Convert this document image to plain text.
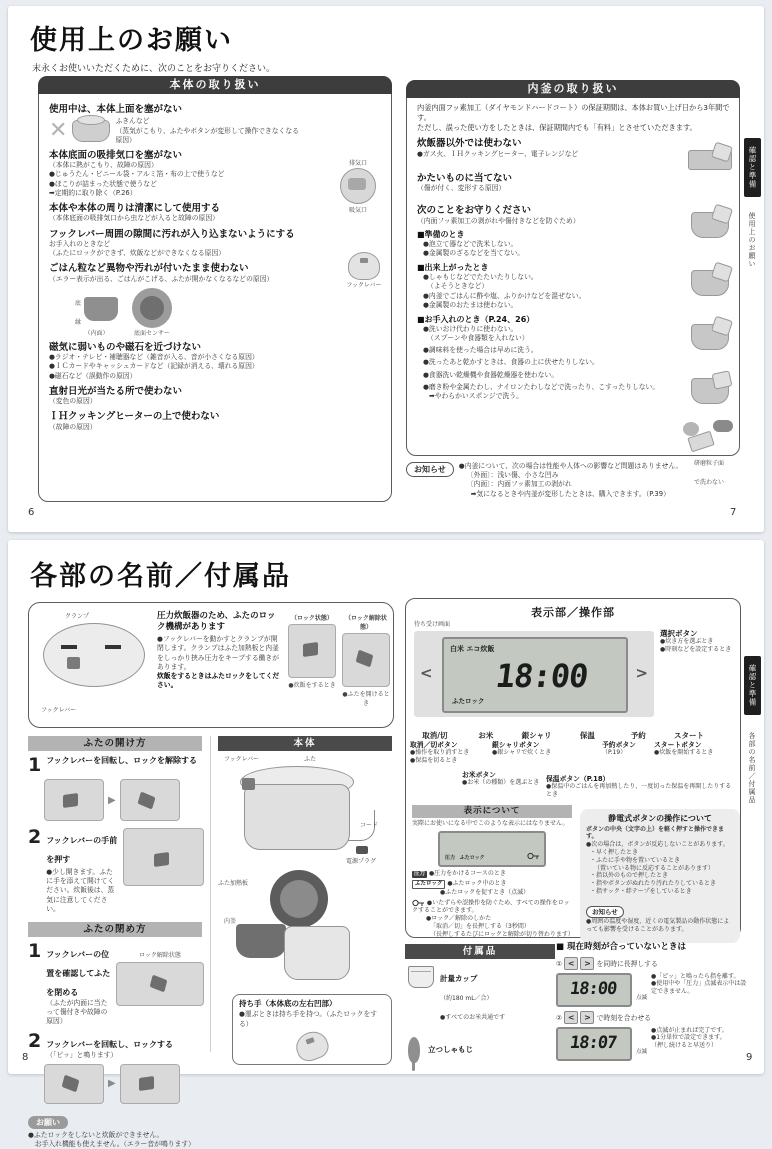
使用上のお願い
末永くお使いいただくために、次のことをお守りください。
本体の取り扱い
使用中は、本体上面を塞がない
✕	ふきんなど
（蒸気がこもり、ふたやボタンが変形して操作できなくなる原因）
本体底面の吸排気口を塞がない
（本体に熱がこもり、故障の原因）
●じゅうたん・ビニール袋・アルミ箔・布の上で使うなど
●ほこりが詰まった状態で使うなど
➡定期的に取り除く（P.26）
排気口
吸気口
本体や本体の周りは清潔にして使用する
（本体底面の吸排気口から虫などが入ると故障の原因）
フックレバー周囲の隙間に汚れが入り込まないようにする
お手入れのときなど
（ふたにロックができず、炊飯などができなくなる原因）
フックレバー
ごはん粒など異物や汚れが付いたまま使わない
（エラー表示が出る、ごはんがこげる、ふたが開かなくなるなどの原因）
底
縁
（内面）	底面センサー
磁気に弱いものや磁石を近づけない
●ラジオ・テレビ・補聴器など（雑音が入る、音が小さくなる原因）
●ＩＣカードやキャッシュカードなど（記録が消える、壊れる原因）
●磁石など（誤動作の原因）
直射日光が当たる所で使わない
（変色の原因）
ＩＨクッキングヒーターの上で使わない
（故障の原因）
6
内釜の取り扱い
内釜内面フッ素加工（ダイヤモンドハードコート）の保証期間は、本体お買い上げ日から3年間です。
ただし、誤った使い方をしたときは、保証期間内でも「有料」とさせていただきます。
炊飯器以外では使わない
●ガス火、ＩＨクッキングヒーター、電子レンジなど
かたいものに当てない
（傷が付く、変形する原因）
次のことをお守りください
（内面フッ素加工の剥がれや傷付きなどを防ぐため）
■準備のとき
●泡立て器などで洗米しない。
●金属製のざるなどを当てない。
■出来上がったとき
●しゃもじなどでたたいたりしない。
（よそうときなど）
●内釜でごはんに酢や塩、ふりかけなどを混ぜない。
●金属製のおたまは使わない。
■お手入れのとき（P.24、26）
●洗いおけ代わりに使わない。
（スプーンや食器類を入れない）
●調味料を使った場合は早めに洗う。
●洗ったあと乾かすときは、食器の上に伏せたりしない。
●食器洗い乾燥機や食器乾燥器を使わない。
●磨き粉や金属たわし、ナイロンたわしなどで洗ったり、こすったりしない。
➡やわらかいスポンジで洗う。
研磨粒子面
で洗わない
お知らせ	●内釜について、次の場合は性能や人体への影響など問題はありません。
〔外面〕：浅い傷、小さな凹み
〔内面〕：内面フッ素加工の剥がれ
➡気になるときや内釜が変形したときは、購入できます。（P.39）
7
確認と準備
使用上のお願い
各部の名前／付属品
クランプ
フックレバー
圧力炊飯器のため、ふたのロック機構があります
●フックレバーを動かすとクランプが開閉します。クランプはふた加熱板と内釜をしっかり挟み圧力をキープする働きがあります。
炊飯をするときはふたロックをしてください。
（ロック状態）
●炊飯をするとき
（ロック解除状態）
●ふたを開けるとき
ふたの開け方	本体
1 フックレバーを回転し、ロックを解除する
▶
2 フックレバーの手前を押す
●少し開きます。ふたに手を添えて開けてください。炊飯後は、蒸気に注意してください。
ふたの閉め方
1 フックレバーの位置を確認してふたを閉める
（ふたが内面に当たって傷付きや故障の原因）
ロック解除状態
2 フックレバーを回転し、ロックする
（「ピッ」と鳴ります）
▶
お願い
●ふたロックをしないと炊飯ができません。
　お手入れ機能も使えません。（エラー音が鳴ります）
8
フックレバー	ふた
コード
電源プラグ
ふた加熱板
内釜
持ち手（本体底の左右凹部）
●運ぶときは持ち手を持つ。（ふたロックをする）
表示部／操作部
待ち受け画面
<	>
白米 エコ炊飯
18:00
ふたロック
選択ボタン
●炊き方を選ぶとき
●時刻などを設定するとき
取消/切	お米	銀シャリ	保温	予約	スタート
取消／切ボタン
●操作を取り消すとき
●保温を切るとき
銀シャリボタン
●銀シャリで炊くとき
予約ボタン
（P.19）
スタートボタン
●炊飯を開始するとき
お米ボタン
●お米（の種類）を選ぶとき 保温ボタン（P.18）
●保温中のごはんを再加熱したり、一度切った保温を再開したりするとき
表示について
実際にお使いになる中でこのような表示にはなりません。
圧力 ふたロック
圧力 ●圧力をかけるコースのとき
ふたロック ●ふたロック中のとき
●ふたロックを促すとき（点滅）
●いたずらや誤操作を防ぐため、すべての操作をロックすることができます。
●ロック／解除のしかた
「取消／切」を長押しする（3秒間）
（長押しするたびにロックと解除が切り替わります）
静電式ボタンの操作について
ボタンの中央（文字の上）を軽く押すと操作できます。
●次の場合は、ボタンが反応しないことがあります。
・早く押したとき
・ふたに手や物を置いているとき
（置いている物に反応することがあります）
・指以外のもので押したとき
・指やボタンがぬれたり汚れたりしているとき
・指サック・絆テープをしているとき
お知らせ
●周囲の温度や湿度、近くの電気製品の動作状態によっても影響を受けることがあります。
付属品
計量カップ
（約180 mL／合）
●すべてのお米共通です
立つしゃもじ
■ 現在時刻が合っていないときは
① < > を同時に長押しする
18:00	点滅
●「ピッ」と鳴ったら指を離す。
●使用中や「圧力」点滅表示中は設定できません。
② < > で時刻を合わせる
18:07	点滅
●点滅が止まれば完了です。
●1分単位で設定できます。
（押し続けると早送り）
9
確認と準備
各部の名前／付属品
